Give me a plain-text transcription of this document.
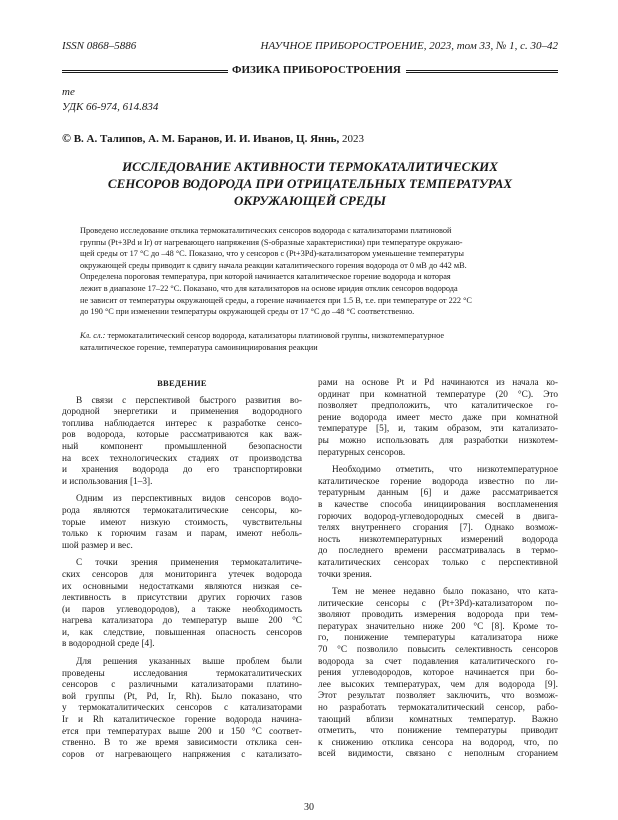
ISSN 0868–5886	НАУЧНОЕ ПРИБОРОСТРОЕНИЕ, 2023, том 33, № 1, с. 30–42
ФИЗИКА ПРИБОРОСТРОЕНИЯ
те
УДК 66-974, 614.834
© В. А. Талипов, А. М. Баранов, И. И. Иванов, Ц. Яннь, 2023
ИССЛЕДОВАНИЕ АКТИВНОСТИ ТЕРМОКАТАЛИТИЧЕСКИХ
СЕНСОРОВ ВОДОРОДА ПРИ ОТРИЦАТЕЛЬНЫХ ТЕМПЕРАТУРАХ
ОКРУЖАЮЩЕЙ СРЕДЫ
Проведено исследование отклика термокаталитических сенсоров водорода с катализаторами платиновой
группы (Pt+3Pd и Ir) от нагревающего напряжения (S-образные характеристики) при температуре окружаю-
щей среды от 17 °С до –48 °С. Показано, что у сенсоров с (Pt+3Pd)-катализатором уменьшение температуры
окружающей среды приводит к сдвигу начала реакции каталитического горения водорода от 0 мВ до 442 мВ.
Определена пороговая температура, при которой начинается каталитическое горение водорода и которая
лежит в диапазоне 17–22 °С. Показано, что для катализаторов на основе иридия отклик сенсоров водорода
не зависит от температуры окружающей среды, а горение начинается при 1.5 В, т.е. при температуре от 222 °С
до 190 °С при изменении температуры окружающей среды от 17 °С до –48 °С соответственно.
Кл. сл.: термокаталитический сенсор водорода, катализаторы платиновой группы, низкотемпературное
каталитическое горение, температура самоинициирования реакции
ВВЕДЕНИЕ
В связи с перспективой быстрого развития во-
дородной энергетики и применения водородного
топлива наблюдается интерес к разработке сенсо-
ров водорода, которые рассматриваются как важ-
ный компонент промышленной безопасности
на всех технологических стадиях от производства
и хранения водорода до его транспортировки
и использования [1–3].
Одним из перспективных видов сенсоров водо-
рода являются термокаталитические сенсоры, ко-
торые имеют низкую стоимость, чувствительны
только к горючим газам и парам, имеют неболь-
шой размер и вес.
С точки зрения применения термокаталитиче-
ских сенсоров для мониторинга утечек водорода
их основными недостатками являются низкая се-
лективность в присутствии других горючих газов
(и паров углеводородов), а также необходимость
нагрева катализатора до температур выше 200 °С
и, как следствие, повышенная опасность сенсоров
в водородной среде [4].
Для решения указанных выше проблем были
проведены исследования термокаталитических
сенсоров с различными катализаторами платино-
вой группы (Pt, Pd, Ir, Rh). Было показано, что
у термокаталитических сенсоров с катализаторами
Ir и Rh каталитическое горение водорода начина-
ется при температурах выше 200 и 150 °С соответ-
ственно. В то же время зависимости отклика сен-
соров от нагревающего напряжения с катализато-
рами на основе Pt и Pd начинаются из начала ко-
ординат при комнатной температуре (20 °С). Это
позволяет предположить, что каталитическое го-
рение водорода имеет место даже при комнатной
температуре [5], и, таким образом, эти катализато-
ры можно использовать для разработки низкотем-
пературных сенсоров.
Необходимо отметить, что низкотемпературное
каталитическое горение водорода известно по ли-
тературным данным [6] и даже рассматривается
в качестве способа инициирования воспламенения
горючих водород-углеводородных смесей в двига-
телях внутреннего сгорания [7]. Однако возмож-
ность низкотемпературных измерений водорода
до последнего времени рассматривалась в термо-
каталитических сенсорах только с перспективной
точки зрения.
Тем не менее недавно было показано, что ката-
литические сенсоры с (Pt+3Pd)-катализатором по-
зволяют проводить измерения водорода при тем-
пературах значительно ниже 200 °С [8]. Кроме то-
го, понижение температуры катализатора ниже
70 °С позволило повысить селективность сенсоров
водорода за счет подавления каталитического го-
рения углеводородов, которое начинается при бо-
лее высоких температурах, чем для водорода [9].
Этот результат позволяет заключить, что возмож-
но разработать термокаталитический сенсор, рабо-
тающий вблизи комнатных температур. Важно
отметить, что понижение температуры приводит
к снижению отклика сенсора на водород, что, по
всей видимости, связано с неполным сгоранием
30
